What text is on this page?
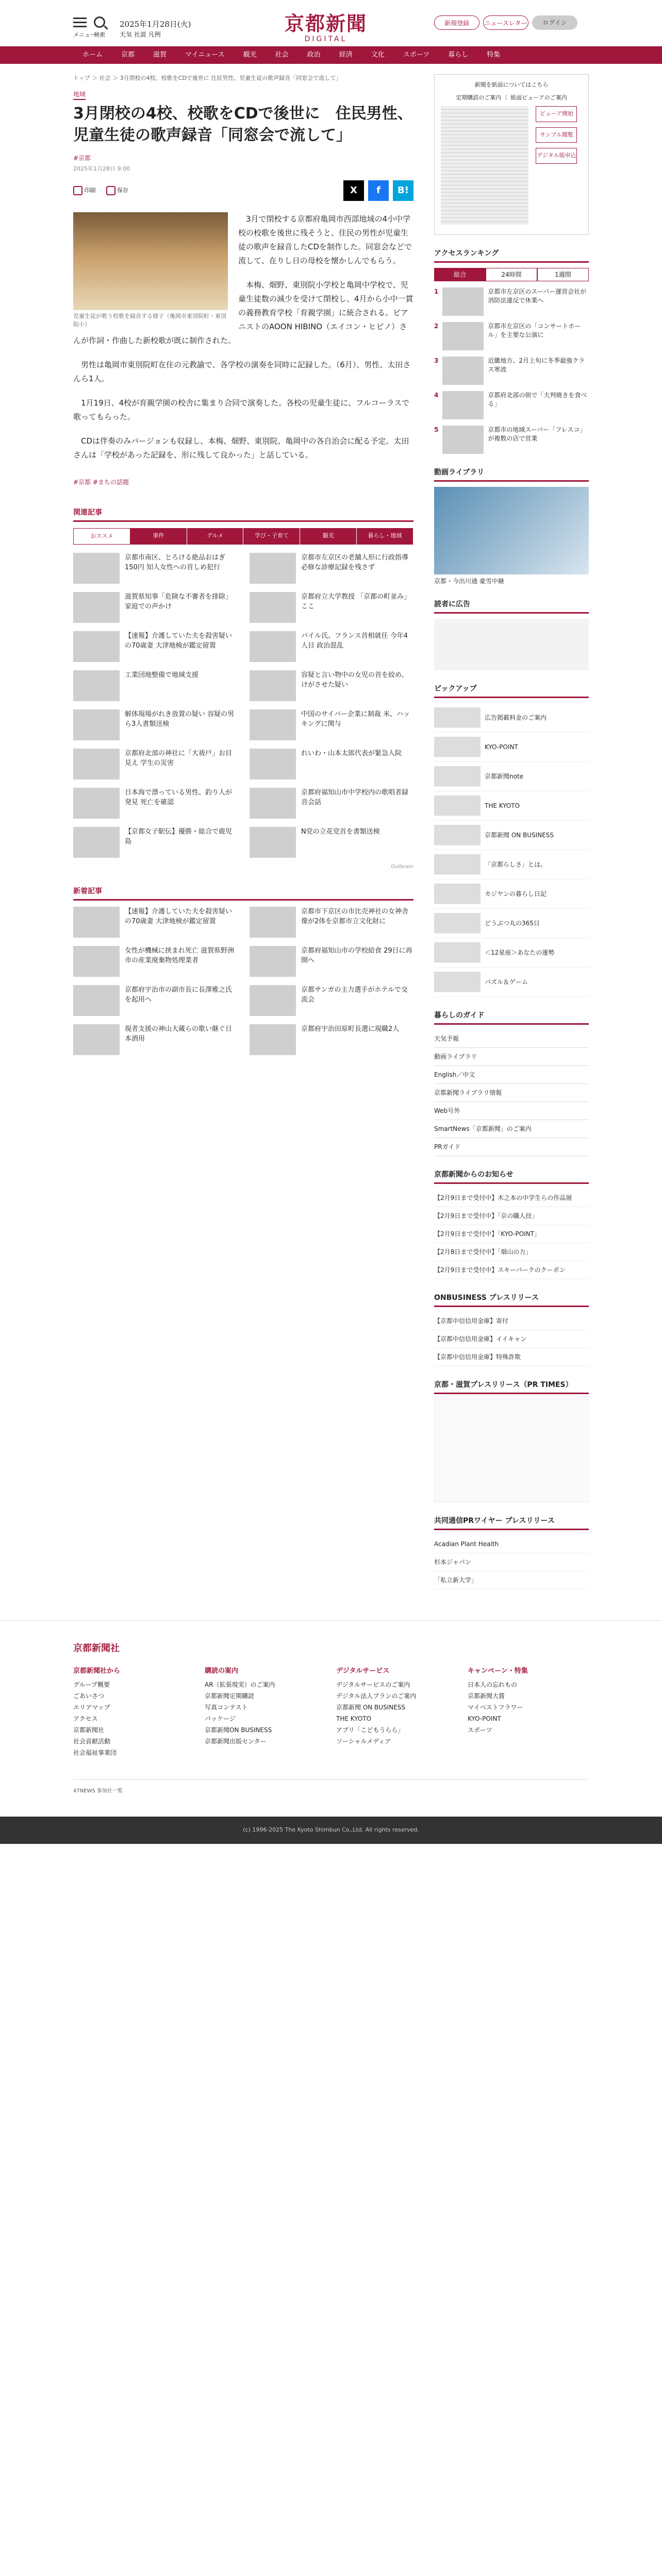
メニュー
検索
2025年1月28日(火)
天気 社説 凡例	京都新聞
DIGITAL
新規登録	ニュースレター	ログイン
ホーム	京都	滋賀	マイニュース	観光	社会	政治	経済	文化	スポーツ	暮らし	特集
トップ ＞ 社会 ＞ 3月閉校の4校、校歌をCDで後世に 住民男性、児童生徒の歌声録音「同窓会で流して」
地域
3月閉校の4校、校歌をCDで後世に　住民男性、児童生徒の歌声録音「同窓会で流して」
#京都
2025年1月28日 9:00
印刷	保存	X	f	B!
児童生徒が歌う校歌を録音する様子（亀岡市東別院町・東別院小）

3月で閉校する京都府亀岡市西部地域の4小中学校の校歌を後世に残そうと、住民の男性が児童生徒の歌声を録音したCDを制作した。同窓会などで流して、在りし日の母校を懐かしんでもらう。

本梅、畑野、東別院小学校と亀岡中学校で、児童生徒数の減少を受けて閉校し、4月から小中一貫の義務教育学校「育親学園」に統合される。ピアニストのAOON HIBINO（エイコン・ヒビノ）さんが作詞・作曲した新校歌が既に制作された。

男性は亀岡市東別院町在住の元教諭で、各学校の演奏を同時に記録した。（6月）、男性、太田さんら1人。

1月19日、4校が育親学園の校舎に集まり合同で演奏した。各校の児童生徒に、フルコーラスで歌ってもらった。

CDは伴奏のみバージョンも収録し、本梅、畑野、東別院、亀岡中の各自治会に配る予定。太田さんは「学校があった記録を、形に残して良かった」と話している。

#京都 #まちの話題
関連記事
おススメ	事件	グルメ	学び・子育て	観光	暮らし・地域
京都市南区、とろける絶品おはぎ150円 知人女性への首しめ犯行
京都市左京区の老舗人形に行政指導 必修な診療記録を残さず
滋賀県知事「危険な不審者を排除」家庭での声かけ
京都府立大学教授 「京都の町並み」ここ
【速報】介護していた夫を殺害疑いの70歳妻 大津地検が鑑定留置
パイル氏、フランス首相就任 今年4人目 政治混乱
工業団地整備で地域支援	容疑と言い物中の女児の首を絞め、けがさせた疑い
解体現場がれき放置の疑い 容疑の男ら3人書類送検
中国のサイバー企業に制裁 米、ハッキングに関与
京都府北部の神社に「大祓戸」お目見え 学生の災害
れいわ・山本太郎代表が緊急入院
日本海で漂っている男性、釣り人が発見 死亡を確認
京都府福知山市中学校内の歌唱者録音会話
【京都女子駅伝】優勝・総合で鹿児島
N党の立花党首を書類送検
Outbrain
新着記事
【速報】介護していた夫を殺害疑いの70歳妻 大津地検が鑑定留置
京都市下京区の市比売神社の女神舎像が2体を京都市立文化財に
女性が機械に挟まれ死亡 滋賀県野洲市の産業廃棄物処理業者
京都府福知山市の学校給食 29日に再開へ
京都府宇治市の副市長に長澤雅之氏を起用へ
京都サンガの主力選手がホテルで交流会
現者支援の神山大蔵らの歌い継ぐ日本酒用
京都府宇治田原町長選に現職2人
新聞を紙面についてはこちら
定期購読のご案内 ｜ 紙面ビューアのご案内

ビューア開始
サンプル閲覧
デジタル版申込
アクセスランキング
総合	24時間	1週間
1	京都市左京区のスーパー運営会社が消防法違反で休業へ
2	京都市左京区の「コンサートホール」を主要な公演に
3	近畿地方、2月上旬に冬季最強クラス寒波
4	京都府北部の街で「大判焼きを食べる」
5	京都市の地域スーパー「フレスコ」が複数の店で営業
動画ライブラリ
京都・今出川通 豪雪中継
読者に広告
ピックアップ
広告掲載料金のご案内
KYO-POINT
京都新聞note
THE KYOTO
京都新聞 ON BUSINESS
「京都らしさ」とは。
カジヤンの暮らし日記
どうぶつ丸の365日
＜12星座＞あなたの運勢
パズル＆ゲーム
暮らしのガイド
天気予報
動画ライブラリ
English／中文
京都新聞ライブラリ情報
Web号外
SmartNews「京都新聞」のご案内
PRガイド
京都新聞からのお知らせ
【2月9日まで受付中】木之本の中学生らの作品展
【2月9日まで受付中】「京の職人技」
【2月9日まで受付中】「KYO-POINT」
【2月8日まで受付中】「畑山の力」
【2月9日まで受付中】スキーパークのクーポン
ONBUSINESS プレスリリース
【京都中信信用金庫】寄付
【京都中信信用金庫】イイキャン
【京都中信信用金庫】特殊詐欺
京都・滋賀プレスリリース（PR TIMES）
共同通信PRワイヤー プレスリリース
Acadian Plant Health
杉本ジャパン
「私立新大学」
京都新聞社
京都新聞社から
グループ概要
ごあいさつ
エリアマップ
アクセス
京都新聞社
社会貢献活動
社会福祉事業団
購読の案内
AR（拡張現実）のご案内
京都新聞定期購読
写真コンテスト
パッケージ
京都新聞ON BUSINESS
京都新聞出版センター
デジタルサービス
デジタルサービスのご案内
デジタル法人プランのご案内
京都新聞 ON BUSINESS
THE KYOTO
アプリ「こどもうらら」
ソーシャルメディア
キャンペーン・特集
日本人の忘れもの
京都新聞大賞
マイベストフラワー
KYO-POINT
スポーツ
47NEWS 参加社一覧
(c) 1996-2025 The Kyoto Shimbun Co.,Ltd. All rights reserved.
